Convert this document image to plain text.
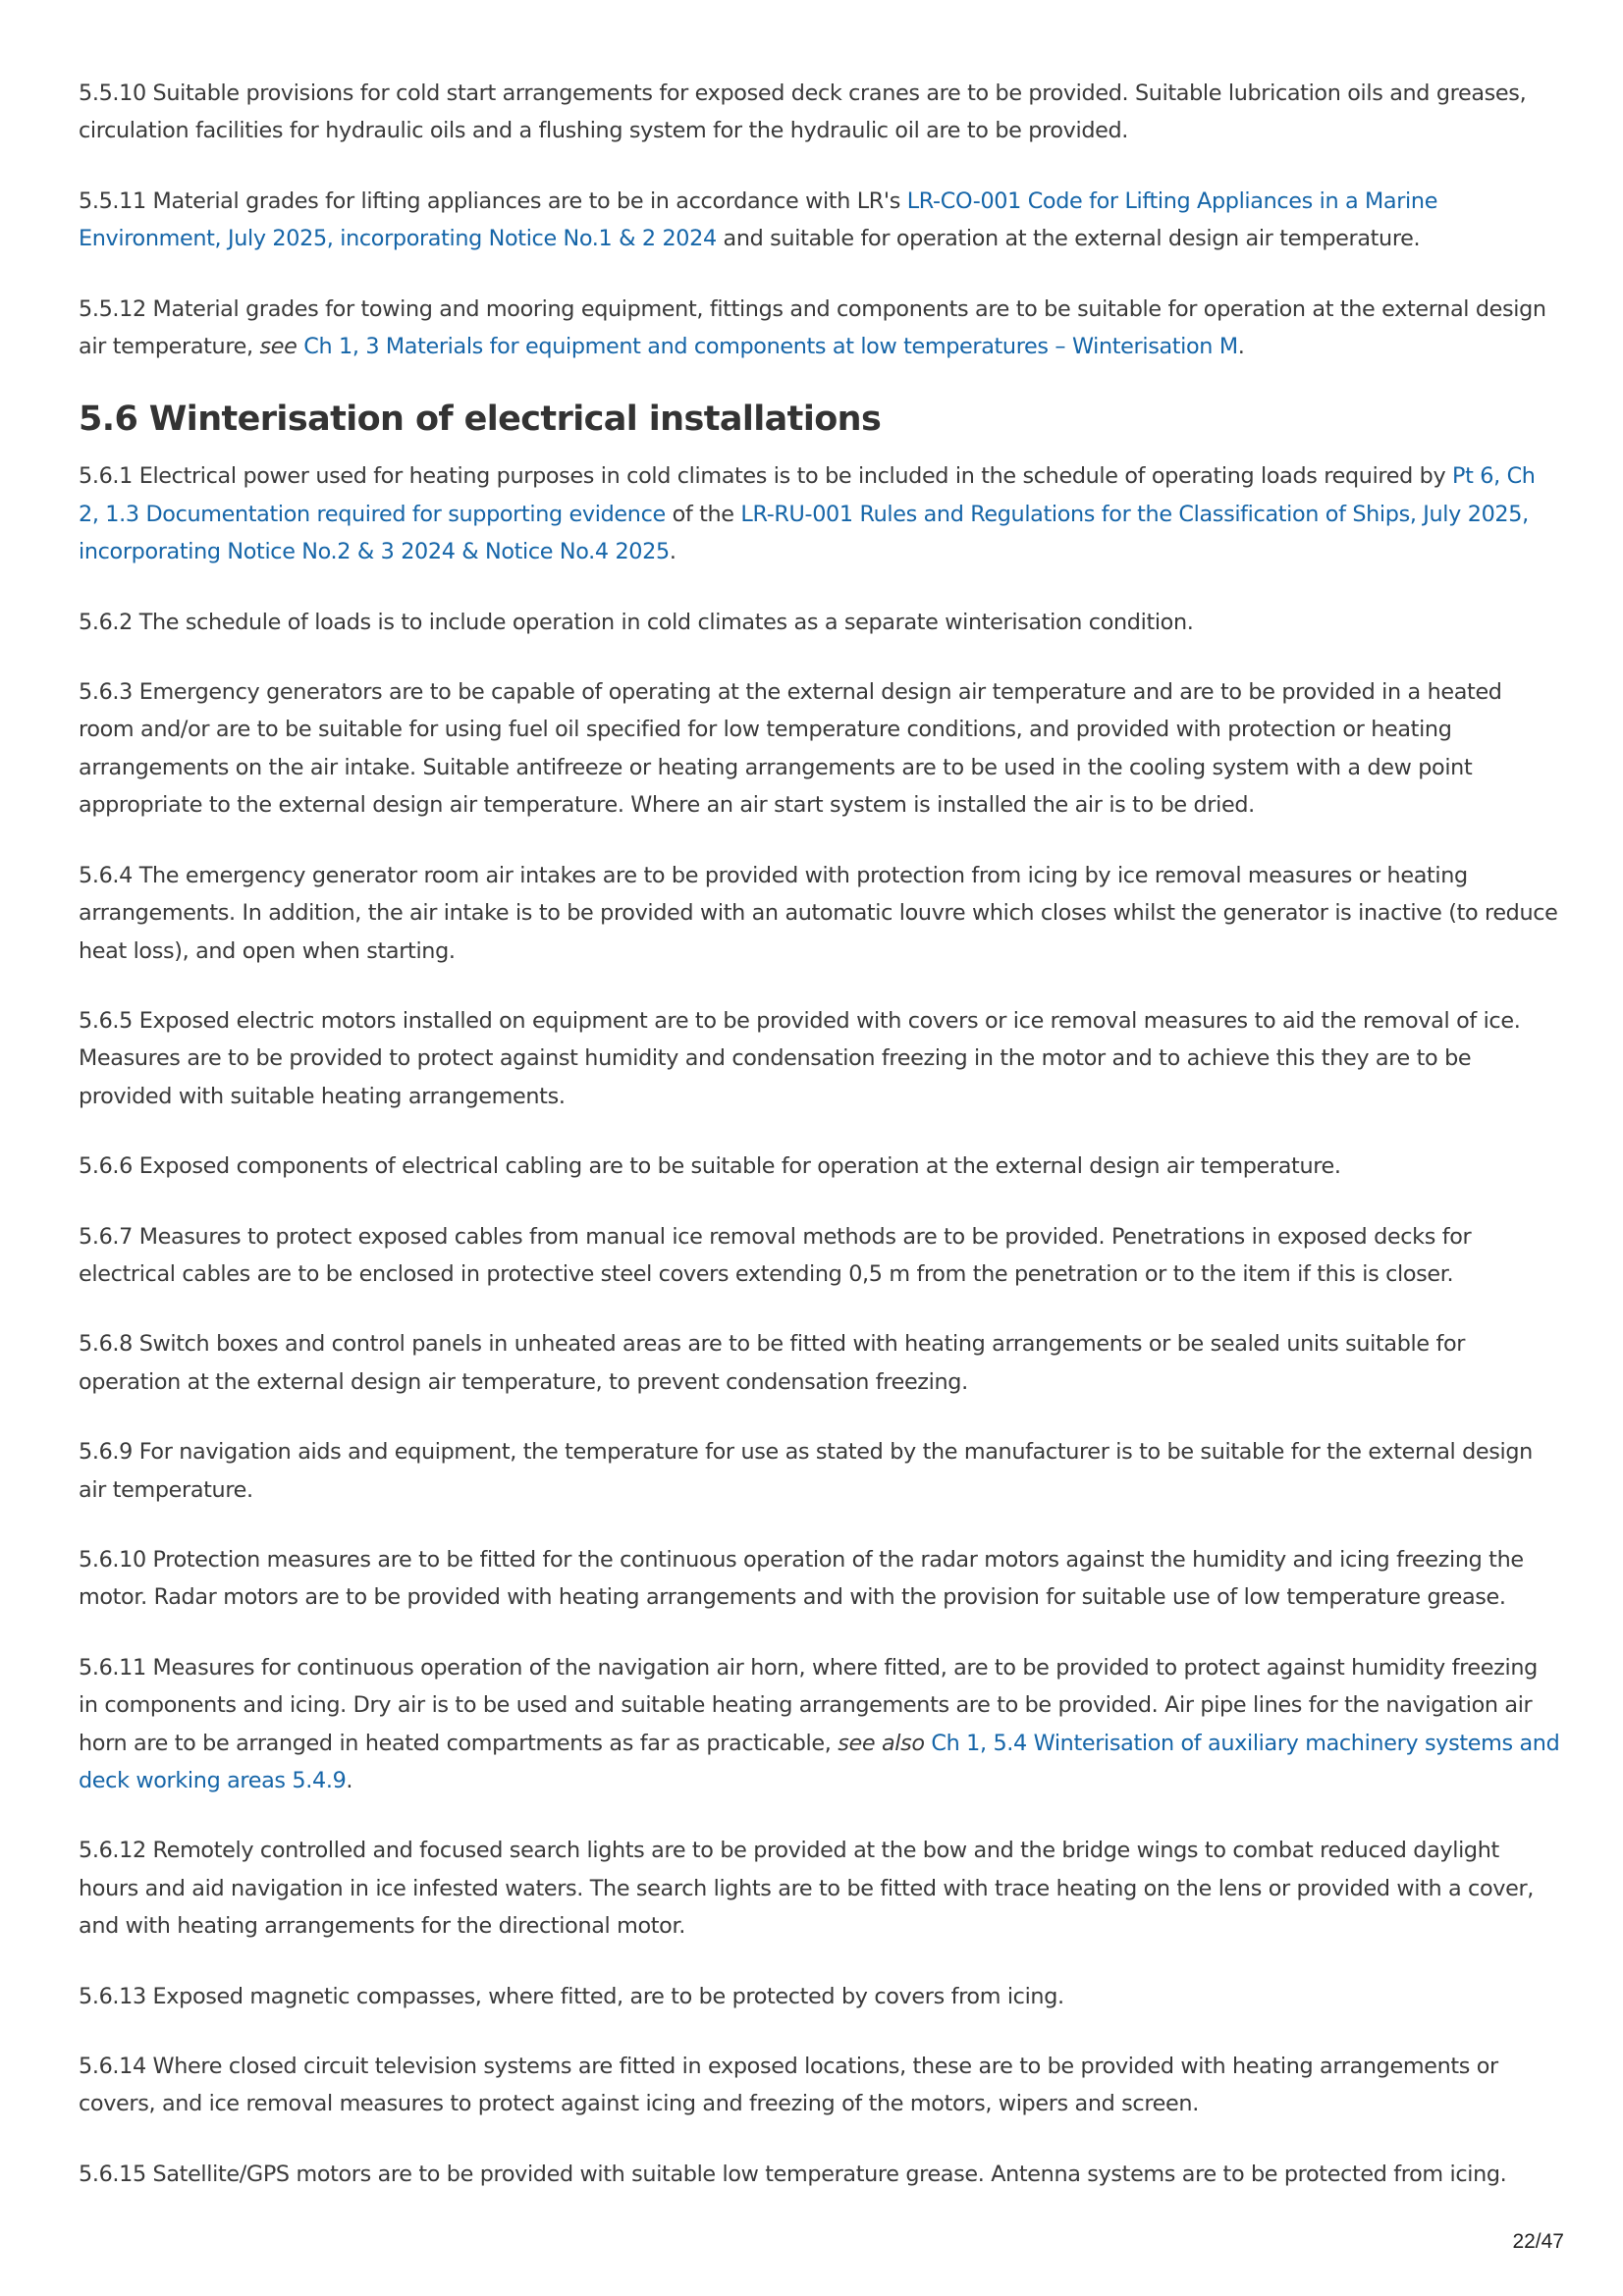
5.5.10 Suitable provisions for cold start arrangements for exposed deck cranes are to be provided. Suitable lubrication oils and greases, circulation facilities for hydraulic oils and a flushing system for the hydraulic oil are to be provided.

5.5.11 Material grades for lifting appliances are to be in accordance with LR's LR-CO-001 Code for Lifting Appliances in a Marine Environment, July 2025, incorporating Notice No.1 & 2 2024 and suitable for operation at the external design air temperature.

5.5.12 Material grades for towing and mooring equipment, fittings and components are to be suitable for operation at the external design air temperature, see Ch 1, 3 Materials for equipment and components at low temperatures – Winterisation M.

5.6 Winterisation of electrical installations

5.6.1 Electrical power used for heating purposes in cold climates is to be included in the schedule of operating loads required by Pt 6, Ch 2, 1.3 Documentation required for supporting evidence of the LR-RU-001 Rules and Regulations for the Classification of Ships, July 2025, incorporating Notice No.2 & 3 2024 & Notice No.4 2025.

5.6.2 The schedule of loads is to include operation in cold climates as a separate winterisation condition.

5.6.3 Emergency generators are to be capable of operating at the external design air temperature and are to be provided in a heated room and/or are to be suitable for using fuel oil specified for low temperature conditions, and provided with protection or heating arrangements on the air intake. Suitable antifreeze or heating arrangements are to be used in the cooling system with a dew point appropriate to the external design air temperature. Where an air start system is installed the air is to be dried.

5.6.4 The emergency generator room air intakes are to be provided with protection from icing by ice removal measures or heating arrangements. In addition, the air intake is to be provided with an automatic louvre which closes whilst the generator is inactive (to reduce heat loss), and open when starting.

5.6.5 Exposed electric motors installed on equipment are to be provided with covers or ice removal measures to aid the removal of ice. Measures are to be provided to protect against humidity and condensation freezing in the motor and to achieve this they are to be provided with suitable heating arrangements.

5.6.6 Exposed components of electrical cabling are to be suitable for operation at the external design air temperature.

5.6.7 Measures to protect exposed cables from manual ice removal methods are to be provided. Penetrations in exposed decks for electrical cables are to be enclosed in protective steel covers extending 0,5 m from the penetration or to the item if this is closer.

5.6.8 Switch boxes and control panels in unheated areas are to be fitted with heating arrangements or be sealed units suitable for operation at the external design air temperature, to prevent condensation freezing.

5.6.9 For navigation aids and equipment, the temperature for use as stated by the manufacturer is to be suitable for the external design air temperature.

5.6.10 Protection measures are to be fitted for the continuous operation of the radar motors against the humidity and icing freezing the motor. Radar motors are to be provided with heating arrangements and with the provision for suitable use of low temperature grease.

5.6.11 Measures for continuous operation of the navigation air horn, where fitted, are to be provided to protect against humidity freezing in components and icing. Dry air is to be used and suitable heating arrangements are to be provided. Air pipe lines for the navigation air horn are to be arranged in heated compartments as far as practicable, see also Ch 1, 5.4 Winterisation of auxiliary machinery systems and deck working areas 5.4.9.

5.6.12 Remotely controlled and focused search lights are to be provided at the bow and the bridge wings to combat reduced daylight hours and aid navigation in ice infested waters. The search lights are to be fitted with trace heating on the lens or provided with a cover, and with heating arrangements for the directional motor.

5.6.13 Exposed magnetic compasses, where fitted, are to be protected by covers from icing.

5.6.14 Where closed circuit television systems are fitted in exposed locations, these are to be provided with heating arrangements or covers, and ice removal measures to protect against icing and freezing of the motors, wipers and screen.

5.6.15 Satellite/GPS motors are to be provided with suitable low temperature grease. Antenna systems are to be protected from icing.

22/47
